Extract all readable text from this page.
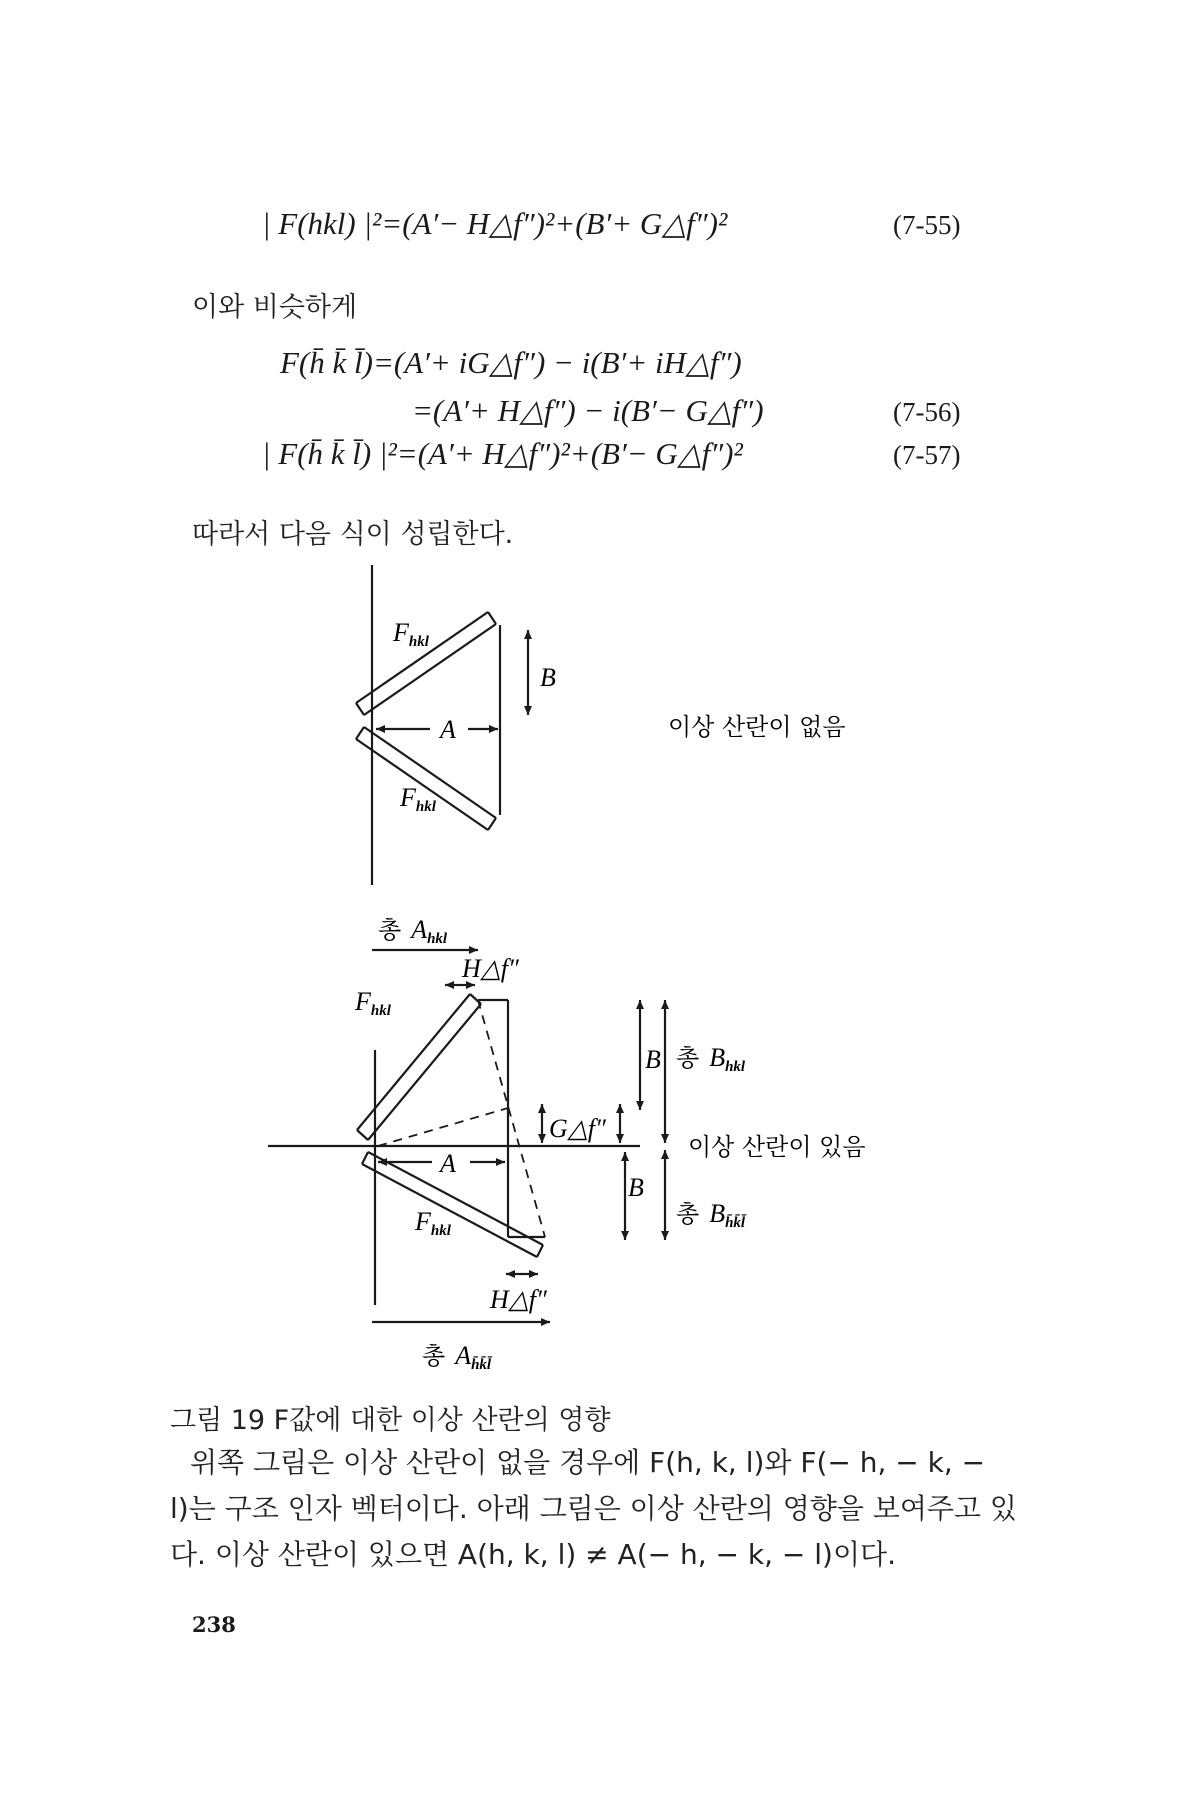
| F(hkl) |²=(A′− H△f″)²+(B′+ G△f″)²	(7-55)
이와 비슷하게
F(h̄ k̄ l̄)=(A′+ iG△f″) − i(B′+ iH△f″)
=(A′+ H△f″) − i(B′− G△f″)	(7-56)
| F(h̄ k̄ l̄) |²=(A′+ H△f″)²+(B′− G△f″)²	(7-57)
따라서 다음 식이 성립한다.
Fhkl
Fhkl
A
B
이상 산란이 없음
총 Ahkl
H△f″
Fhkl
Fhkl
A
G△f″
B
B
총 Bhkl
총 Bh̄k̄l̄
이상 산란이 있음
H△f″
총 Ah̄k̄l̄
그림 19 F값에 대한 이상 산란의 영향
위쪽 그림은 이상 산란이 없을 경우에 F(h, k, l)와 F(− h, − k, −
l)는 구조 인자 벡터이다. 아래 그림은 이상 산란의 영향을 보여주고 있
다. 이상 산란이 있으면 A(h, k, l) ≠ A(− h, − k, − l)이다.
238
